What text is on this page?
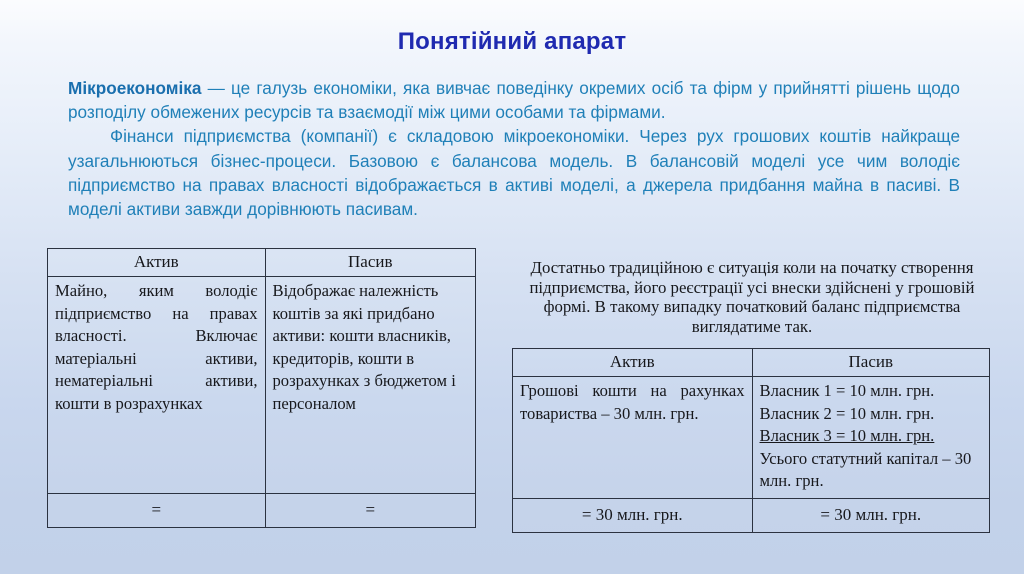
Понятійний апарат

Мікроекономіка — це галузь економіки, яка вивчає поведінку окремих осіб та фірм у прийнятті рішень щодо розподілу обмежених ресурсів та взаємодії між цими особами та фірмами.

Фінанси підприємства (компанії) є складовою мікроекономіки. Через рух грошових коштів найкраще узагальнюються бізнес-процеси. Базовою є балансова модель. В балансовій моделі усе чим володіє підприємство на правах власності відображається в активі моделі, а джерела придбання майна в пасиві. В моделі активи завжди дорівнюють пасивам.

Актив	Пасив
Майно, яким володіє підприємство на правах власності. Включає матеріальні активи, нематеріальні активи, кошти в розрахунках	Відображає належність коштів за які придбано активи: кошти власників, кредиторів, кошти в розрахунках з бюджетом і персоналом
=	=
Достатньо традиційною є ситуація коли на початку створення підприємства, його реєстрації усі внески здійснені у грошовій формі. В такому випадку початковий баланс підприємства виглядатиме так.
Актив	Пасив
Грошові кошти на рахунках товариства – 30 млн. грн.	Власник 1 = 10 млн. грн.
Власник 2 = 10 млн. грн.
Власник 3 = 10 млн. грн.
Усього статутний капітал – 30 млн. грн.

= 30 млн. грн.	= 30 млн. грн.
